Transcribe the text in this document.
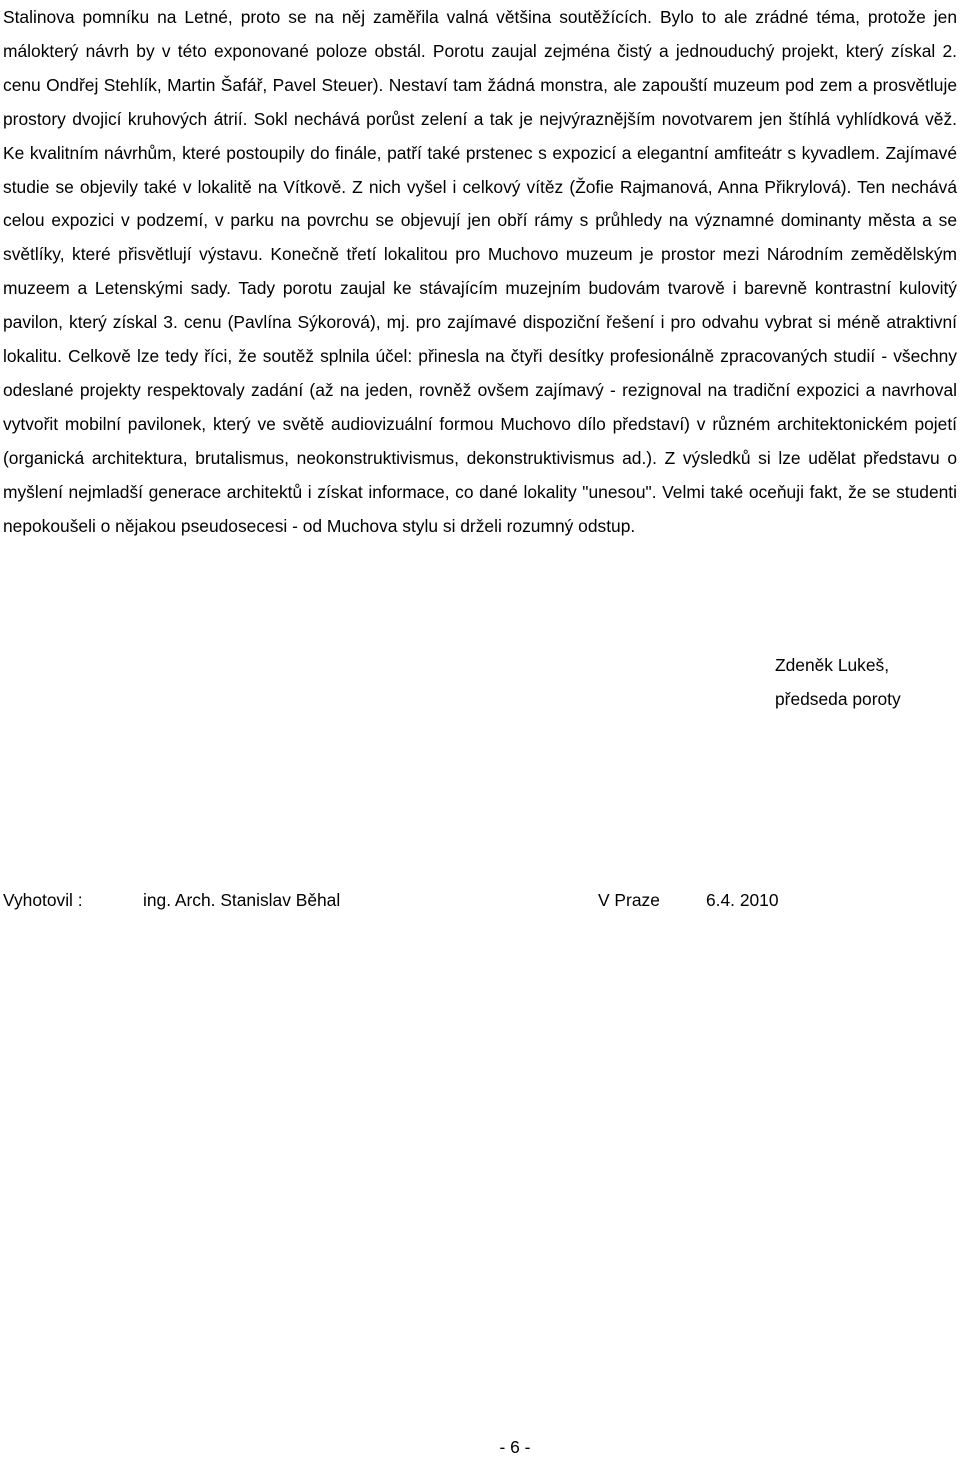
Stalinova pomníku na Letné, proto se na něj zaměřila valná většina soutěžících. Bylo to ale zrádné téma, protože jen málokterý návrh by v této exponované poloze obstál. Porotu zaujal zejména čistý a jednouduchý projekt, který získal 2. cenu Ondřej Stehlík, Martin Šafář, Pavel Steuer). Nestaví tam žádná monstra, ale zapouští muzeum pod zem a prosvětluje prostory dvojicí kruhových átrií. Sokl nechává porůst zelení a tak je nejvýraznějším novotvarem jen štíhlá vyhlídková věž. Ke kvalitním návrhům, které postoupily do finále, patří také prstenec s expozicí a elegantní amfiteátr s kyvadlem. Zajímavé studie se objevily také v lokalitě na Vítkově. Z nich vyšel i celkový vítěz (Žofie Rajmanová, Anna Přikrylová). Ten nechává celou expozici v podzemí, v parku na povrchu se objevují jen obří rámy s průhledy na významné dominanty města a se světlíky, které přisvětlují výstavu. Konečně třetí lokalitou pro Muchovo muzeum je prostor mezi Národním zemědělským muzeem a Letenskými sady. Tady porotu zaujal ke stávajícím muzejním budovám tvarově i barevně kontrastní kulovitý pavilon, který získal 3. cenu (Pavlína Sýkorová), mj. pro zajímavé dispoziční řešení i pro odvahu vybrat si méně atraktivní lokalitu. Celkově lze tedy říci, že soutěž splnila účel: přinesla na čtyři desítky profesionálně zpracovaných studií - všechny odeslané projekty respektovaly zadání (až na jeden, rovněž ovšem zajímavý - rezignoval na tradiční expozici a navrhoval vytvořit mobilní pavilonek, který ve světě audiovizuální formou Muchovo dílo představí) v různém architektonickém pojetí (organická architektura, brutalismus, neokonstruktivismus, dekonstruktivismus ad.). Z výsledků si lze udělat představu o myšlení nejmladší generace architektů i získat informace, co dané lokality "unesou". Velmi také oceňuji fakt, že se studenti nepokoušeli o nějakou pseudosecesi - od Muchova stylu si drželi rozumný odstup.

Zdeněk Lukeš,
předseda poroty
Vyhotovil :	ing. Arch. Stanislav Běhal	V Praze	6.4. 2010
- 6 -
